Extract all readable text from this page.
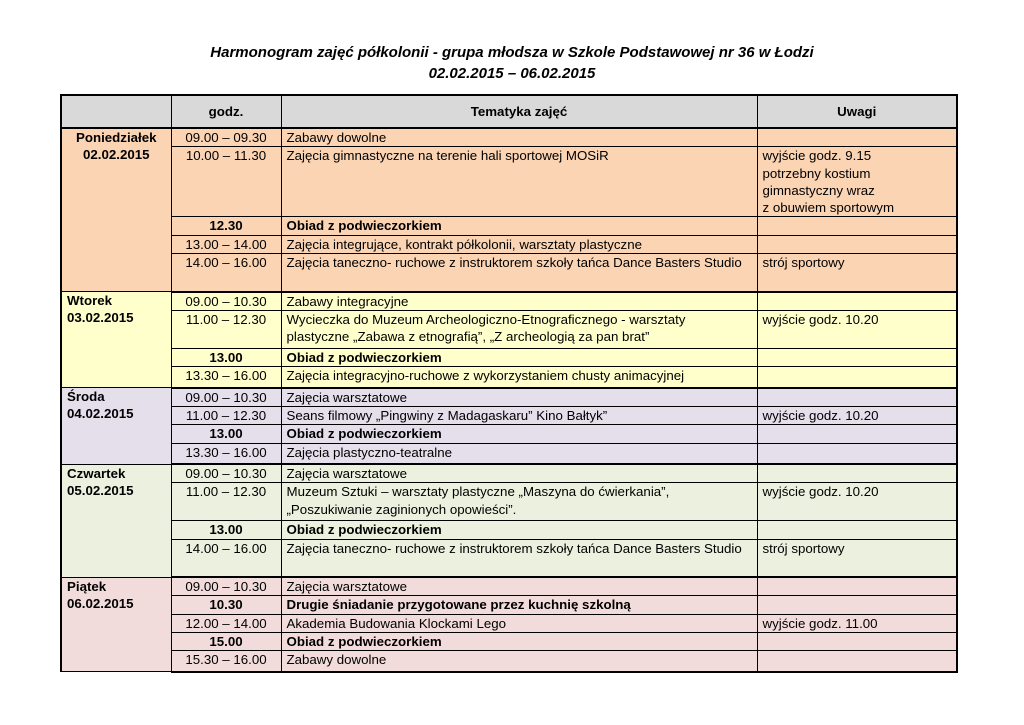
Harmonogram zajęć półkolonii - grupa młodsza w Szkole Podstawowej nr 36 w Łodzi
02.02.2015 – 06.02.2015
	godz.	Tematyka zajęć	Uwagi

Poniedziałek
02.02.2015	09.00 – 09.30	Zabawy dowolne	
	10.00 – 11.30	Zajęcia gimnastyczne na terenie hali sportowej MOSiR	wyjście godz. 9.15
potrzebny kostium gimnastyczny wraz
z obuwiem sportowym
	12.30	Obiad z podwieczorkiem	
	13.00 – 14.00	Zajęcia integrujące, kontrakt półkolonii, warsztaty plastyczne	
	14.00 – 16.00	Zajęcia taneczno- ruchowe z instruktorem szkoły tańca Dance Basters Studio	strój sportowy

Wtorek
03.02.2015	09.00 – 10.30	Zabawy integracyjne	
	11.00 – 12.30	Wycieczka do Muzeum Archeologiczno-Etnograficznego - warsztaty plastyczne „Zabawa z etnografią”, „Z archeologią za pan brat”	wyjście godz. 10.20
	13.00	Obiad z podwieczorkiem	
	13.30 – 16.00	Zajęcia integracyjno-ruchowe z wykorzystaniem chusty animacyjnej	

Środa
04.02.2015	09.00 – 10.30	Zajęcia warsztatowe	
	11.00 – 12.30	Seans filmowy „Pingwiny z Madagaskaru” Kino Bałtyk”	wyjście godz. 10.20
	13.00	Obiad z podwieczorkiem	
	13.30 – 16.00	Zajęcia plastyczno-teatralne	

Czwartek
05.02.2015	09.00 – 10.30	Zajęcia warsztatowe	
	11.00 – 12.30	Muzeum Sztuki – warsztaty plastyczne „Maszyna do ćwierkania”, „Poszukiwanie zaginionych opowieści”.	wyjście godz. 10.20
	13.00	Obiad z podwieczorkiem	
	14.00 – 16.00	Zajęcia taneczno- ruchowe z instruktorem szkoły tańca Dance Basters Studio	strój sportowy

Piątek
06.02.2015	09.00 – 10.30	Zajęcia warsztatowe	
	10.30	Drugie śniadanie przygotowane przez kuchnię szkolną	
	12.00 – 14.00	Akademia Budowania Klockami Lego	wyjście godz. 11.00
	15.00	Obiad z podwieczorkiem	
	15.30 – 16.00	Zabawy dowolne	
